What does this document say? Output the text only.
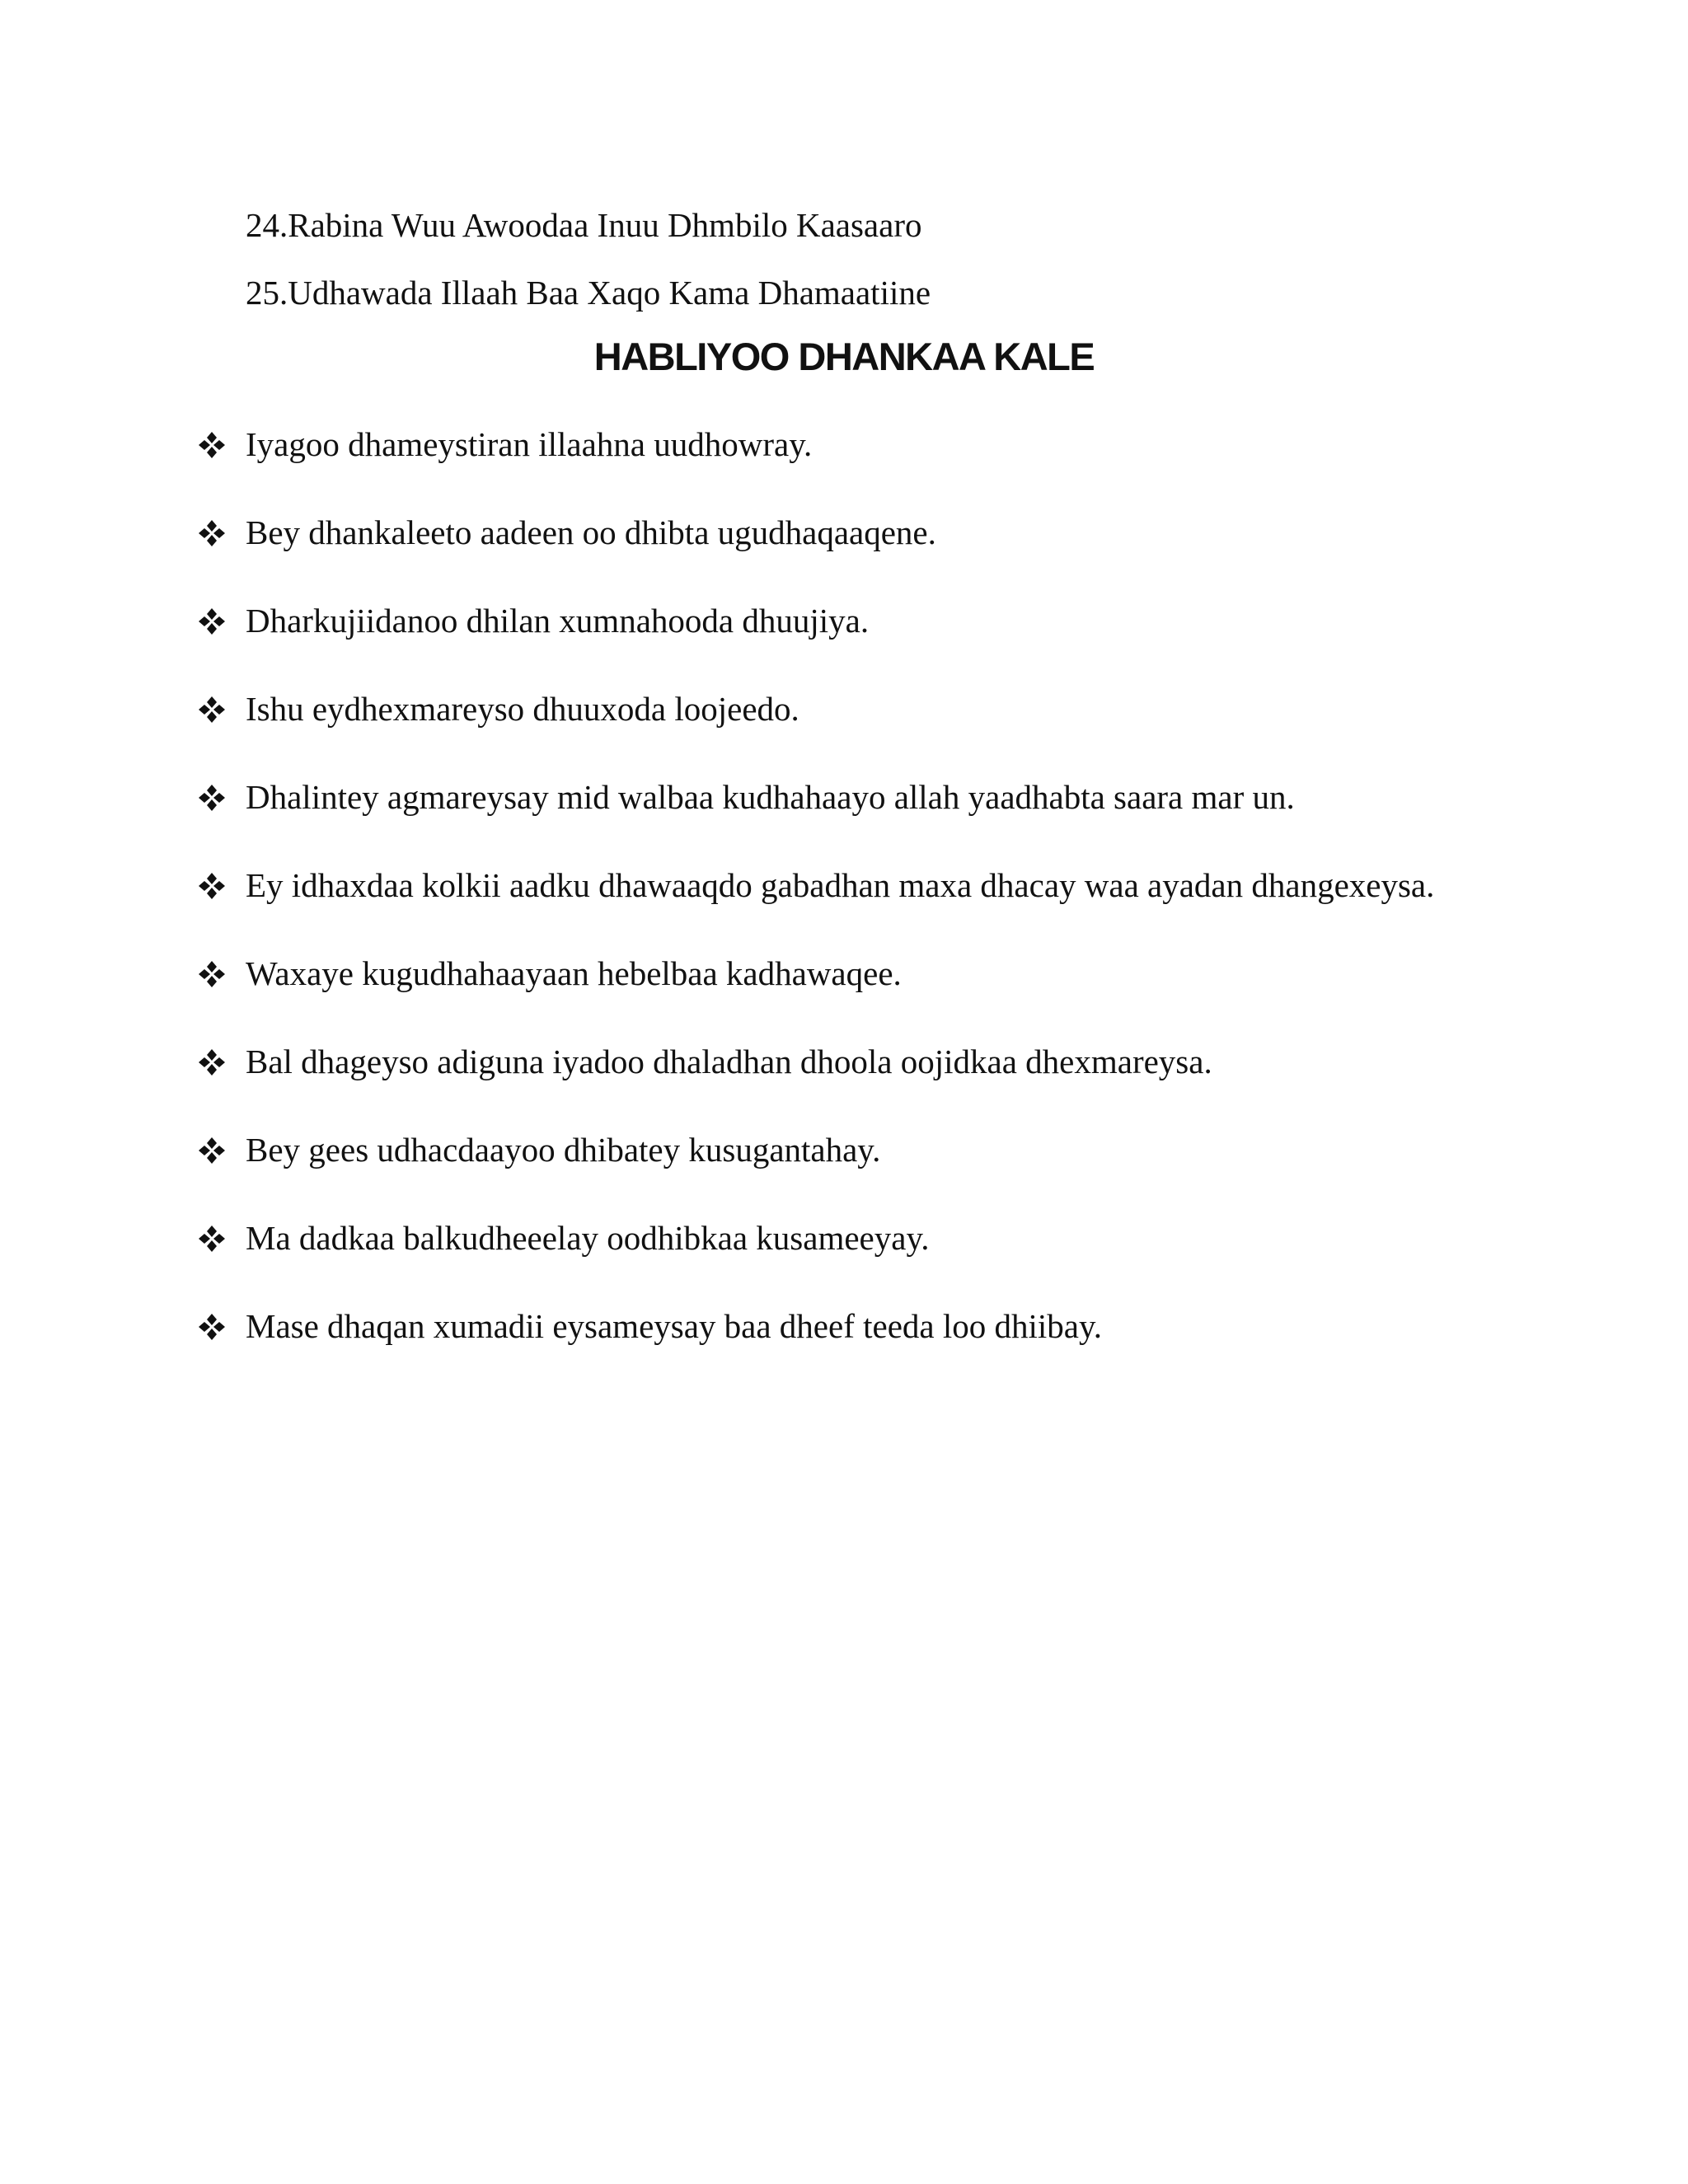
24.Rabina Wuu Awoodaa Inuu Dhmbilo Kaasaaro
25.Udhawada Illaah Baa Xaqo Kama Dhamaatiine
HABLIYOO DHANKAA KALE
Iyagoo dhameystiran illaahna uudhowray.
Bey dhankaleeto aadeen oo dhibta ugudhaqaaqene.
Dharkujiidanoo dhilan xumnahooda dhuujiya.
Ishu eydhexmareyso dhuuxoda loojeedo.
Dhalintey agmareysay mid walbaa kudhahaayo allah yaadhabta saara mar un.
Ey idhaxdaa kolkii aadku dhawaaqdo gabadhan maxa dhacay waa ayadan dhangexeysa.
Waxaye kugudhahaayaan hebelbaa kadhawaqee.
Bal dhageyso adiguna iyadoo dhaladhan dhoola oojidkaa dhexmareysa.
Bey gees udhacdaayoo dhibatey kusugantahay.
Ma dadkaa balkudheeelay oodhibkaa kusameeyay.
Mase dhaqan xumadii eysameysay baa dheef teeda loo dhiibay.
